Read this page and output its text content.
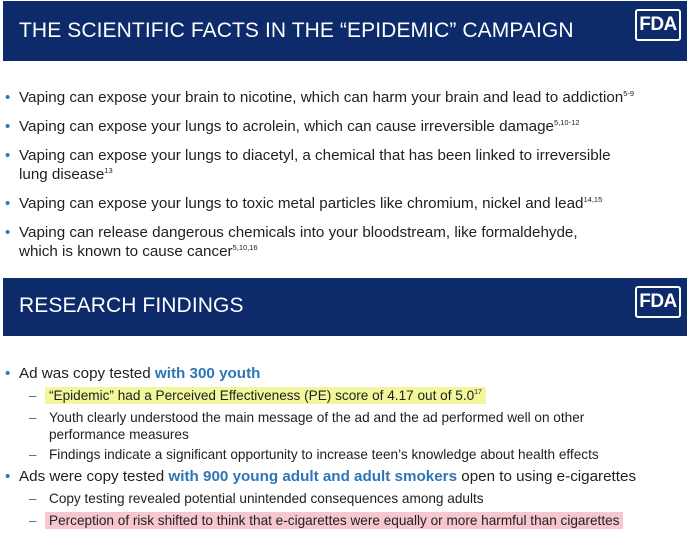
THE SCIENTIFIC FACTS IN THE “EPIDEMIC” CAMPAIGN	FDA
• Vaping can expose your brain to nicotine, which can harm your brain and lead to addiction$^{5-9}$
• Vaping can expose your lungs to acrolein, which can cause irreversible damage$^{5,10-12}$
• Vaping can expose your lungs to diacetyl, a chemical that has been linked to irreversible
lung disease$^{13}$
• Vaping can expose your lungs to toxic metal particles like chromium, nickel and lead$^{14,15}$
• Vaping can release dangerous chemicals into your bloodstream, like formaldehyde,
which is known to cause cancer$^{5,10,16}$
RESEARCH FINDINGS	FDA
• Ad was copy tested with 300 youth
– “Epidemic” had a Perceived Effectiveness (PE) score of 4.17 out of $5.0^{17}$
– Youth clearly understood the main message of the ad and the ad performed well on other
performance measures
– Findings indicate a significant opportunity to increase teen’s knowledge about health effects
• Ads were copy tested with 900 young adult and adult smokers open to using e-cigarettes
– Copy testing revealed potential unintended consequences among adults
– Perception of risk shifted to think that e-cigarettes were equally or more harmful than cigarettes
